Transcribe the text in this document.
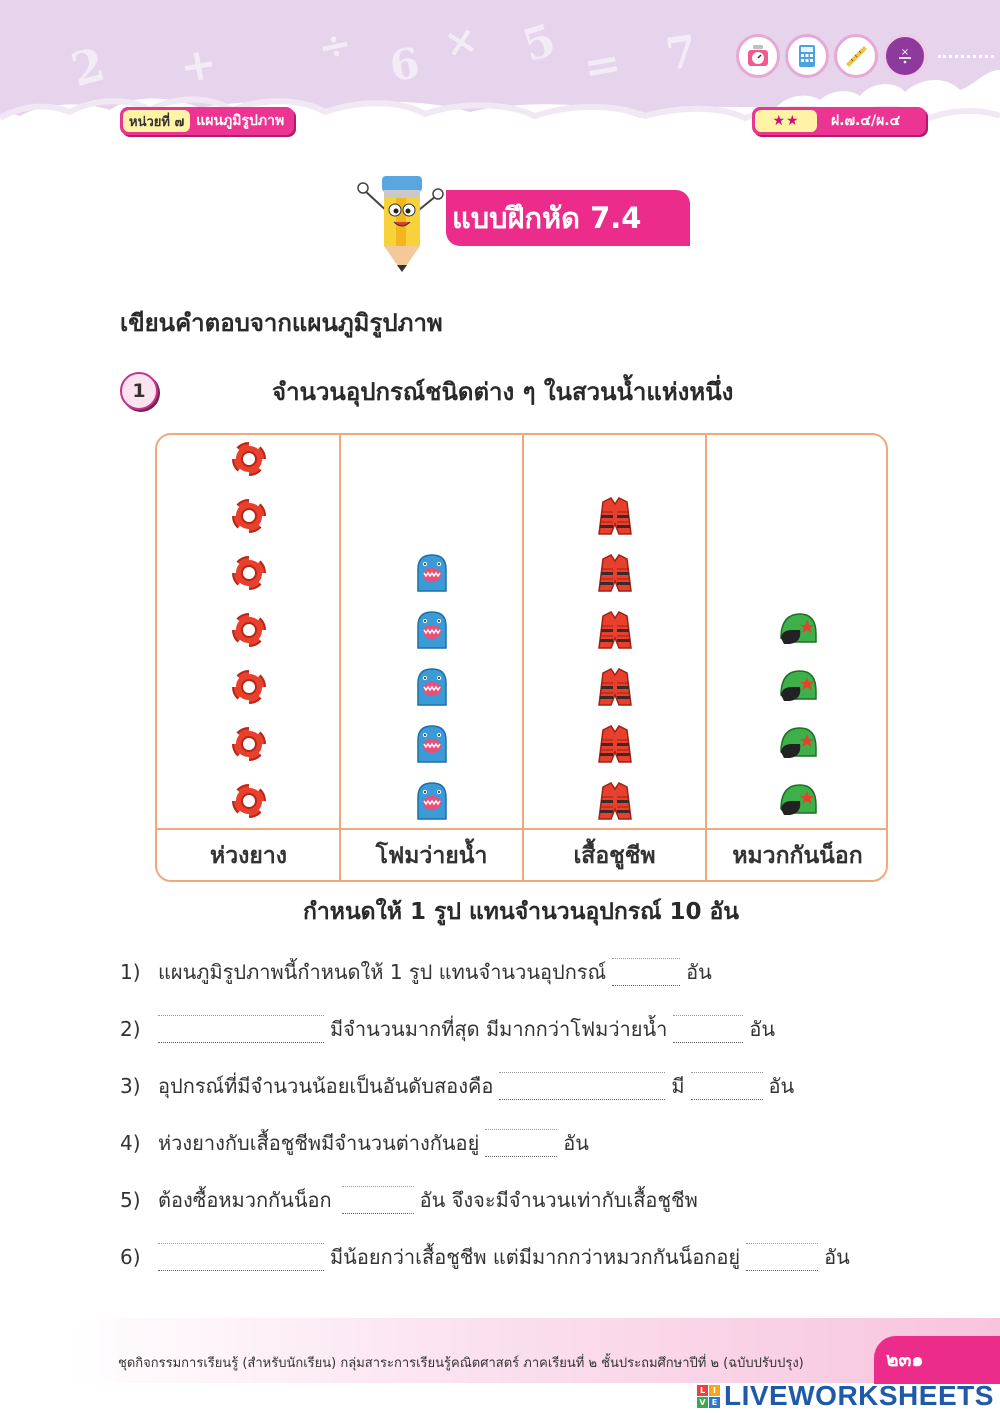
2 + ÷ 6 × 5 = 7	×
หน่วยที่ ๗ แผนภูมิรูปภาพ	★★	ฝ.๗.๔/ผ.๔
แบบฝึกหัด 7.4
เขียนคำตอบจากแผนภูมิรูปภาพ
1	จำนวนอุปกรณ์ชนิดต่าง ๆ ในสวนน้ำแห่งหนึ่ง
ห่วงยาง	โฟมว่ายน้ำ	เสื้อชูชีพ	หมวกกันน็อก
กำหนดให้ 1 รูป แทนจำนวนอุปกรณ์ 10 อัน
1) แผนภูมิรูปภาพนี้กำหนดให้ 1 รูป แทนจำนวนอุปกรณ์	อัน
2)	มีจำนวนมากที่สุด มีมากกว่าโฟมว่ายน้ำ	อัน
3) อุปกรณ์ที่มีจำนวนน้อยเป็นอันดับสองคือ	มี	อัน
4) ห่วงยางกับเสื้อชูชีพมีจำนวนต่างกันอยู่	อัน
5) ต้องซื้อหมวกกันน็อก	อัน จึงจะมีจำนวนเท่ากับเสื้อชูชีพ
6)	มีน้อยกว่าเสื้อชูชีพ แต่มีมากกว่าหมวกกันน็อกอยู่	อัน
ชุดกิจกรรมการเรียนรู้ (สำหรับนักเรียน) กลุ่มสาระการเรียนรู้คณิตศาสตร์ ภาคเรียนที่ ๒ ชั้นประถมศึกษาปีที่ ๒ (ฉบับปรับปรุง)	๒๓๑
L I
V E LIVEWORKSHEETS
